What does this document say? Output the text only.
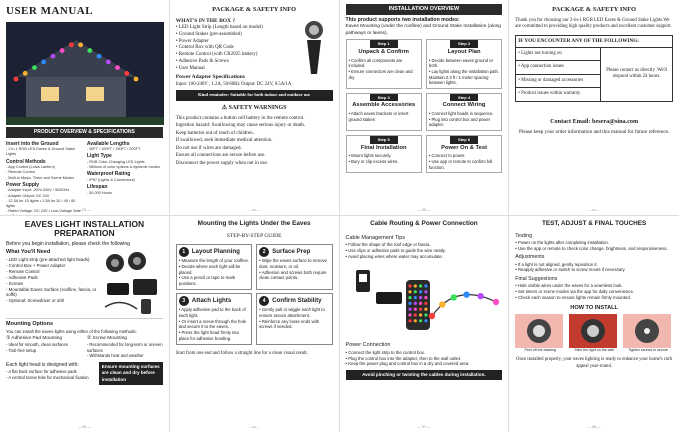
USER MANUAL
PRODUCT OVERVIEW & SPECIFICATIONS
Insert into the Ground
- 2 in 1 RGB LED Eaves & Ground Stake Lights
Control Methods
- App Control (Lotus Lantern)
- Remote Control
- Built-in Music, Timer and Scene Modes
Power Supply
- Adapter Input: 100V-240V / 50/60Hz
- Adapter Output: DC 24V
- 12.5A for 15 lights • 1.5A for 30 / 45 / 60 lights
- Rated Voltage: DC 24V • Low-Voltage Safe
Available Lengths
- 50FT / 100FT / 150FT / 200FT
Light Type
- RGB Color-Changing LED Lights
- Millions of color options & dynamic modes
Waterproof Rating
- IP67 (Lights & Connectors)
Lifespan
- 50,000 Hours
— 01 —
PACKAGE & SAFETY INFO
WHAT'S IN THE BOX ?
• LED Light Strip (Length based on model)
• Ground Stakes (pre-assembled)
• Power Adapter
• Control Box with QR Code
• Remote Control (with CR2025 battery)
• Adhesive Pads & Screws
• User Manual
Power Adapter Specifications
Input: 100-240V , 1.2A, 50/60Hz Output: DC 24V, 0.5A/1A
Kind reminder: Suitable for both indoor and outdoor use
⚠ SAFETY WARNINGS
This product contains a button cell battery in the remote control.
Ingestion hazard: Swallowing may cause serious injury or death.
Keep batteries out of reach of children.
If swallowed, seek immediate medical attention.
Do not use if wires are damaged.
Ensure all connections are secure before use.
Disconnect the power supply when not in use.
— 02 —
INSTALLATION OVERVIEW
This product supports two installation modes:
Eaves Mounting (under the roofline) and Ground Stake Installation (along pathways or lawns).
Step 1
Unpack & Confirm
• Confirm all components are included.
• Ensure connectors are clean and dry.
Step 2
Layout Plan
• Decide between eaves ground or both.
• Lay lights along the installation path. Maintain 2.3 ft / 1 meter spacing between lights.
Step 3
Assemble Accessories
• Attach eaves brackets or insert ground stakes
Step 4
Connect Wiring
• Connect light heads in sequence.
• Plug into control box and power adapter.
Step 5
Final Installation
• Mount lights securely.
• Bury or clip excess wires.
Step 6
Power On & Test
• Connect to power.
• Use app or remote to confirm full function.
— 03 —
PACKAGE & SAFETY INFO
Thank you for choosing our 2-in-1 RGB LED Eaves & Ground Stake Lights.We are committed to providing high quality products and excellent customer support.
IF YOU ENCOUNTER ANY OF THE FOLLOWING:
• Lights not turning on
• App connection issues
• Missing or damaged accessories
• Product issues within warranty
Please contact us directly .We'll respond within 24 hours.
Contact Email: besera@sina.com
Please keep your order information and this manual for future reference.
— 04 —
EAVES LIGHT INSTALLATION PREPARATION
Before you begin installation, please check the following
What You'll Need
- LED Light Strip (pre-attached light heads)
- Control Box + Power Adapter
- Remote Control
- Adhesive Pads
- Screws
- Mountable Eaves Surface (roofline, fascia, or soffit)
- Optional: Screwdriver or drill
Mounting Options
You can install the eaves lights using either of the following methods:
① Adhesive Pad Mounting
- Ideal for smooth, clean surfaces
- Tool-free setup
② Screw Mounting
- Recommended for long-term or uneven surfaces
- Withstands heat and weather
Each light head is designed with:
- A flat back surface for adhesive pads
- A central screw hole for mechanical fixation
Ensure mounting surfaces are clean and dry before installation
— 05 —
Mounting the Lights Under the Eaves
STEP-BY-STEP GUIDE
1	Layout Planning
• Measure the length of your roofline.
• Decide where each light will be placed.
• Use a pencil or tape to mark positions.
2	Surface Prep
• Wipe the eaves surface to remove dust, moisture, or oil.
• Adhesion and screws both require clean contact points.
3	Attach Lights
• Apply adhesive pad to the back of each light.
• Or insert a screw through the hole and secure it to the eaves.
• Press the light head firmly into place for adhesive bonding.
4	Confirm Stability
• Gently pull or wiggle each light to ensure secure attachment.
• Reinforce any loose ends with screws if needed.
Start from one end and follow a straight line for a clean visual result.
— 06 —
Cable Routing & Power Connection
Cable Management Tips
• Follow the shape of the roof edge or fascia.
• Use clips or adhesive pads to guide the wire neatly.
• Avoid placing wires where water may accumulate.
Power Connection
• Connect the light strip to the control box.
• Plug the control box into the adapter, then to the wall outlet.
• Keep the power plug and control box in a dry and covered area.
Avoid pinching or twisting the cables during installation.
— 07 —
TEST, ADJUST & FINAL TOUCHES
Testing
• Power on the lights after completing installation.
• Use the app or remote to check color change, brightness, and responsiveness.
Adjustments
• If a light is not aligned, gently reposition it.
• Reapply adhesive or switch to screw mount if necessary.
Final Suggestions
• Hide visible wires under the eaves for a seamless look.
• Set timers or scene modes via the app for daily convenience.
• Check each season to ensure lights remain firmly mounted.
HOW TO INSTALL
Peel off the backing	Stick the light on the wall	Tighten screws to secure
Once installed properly, your eaves lighting is ready to enhance your home's curb appeal year-round.
— 08 —
